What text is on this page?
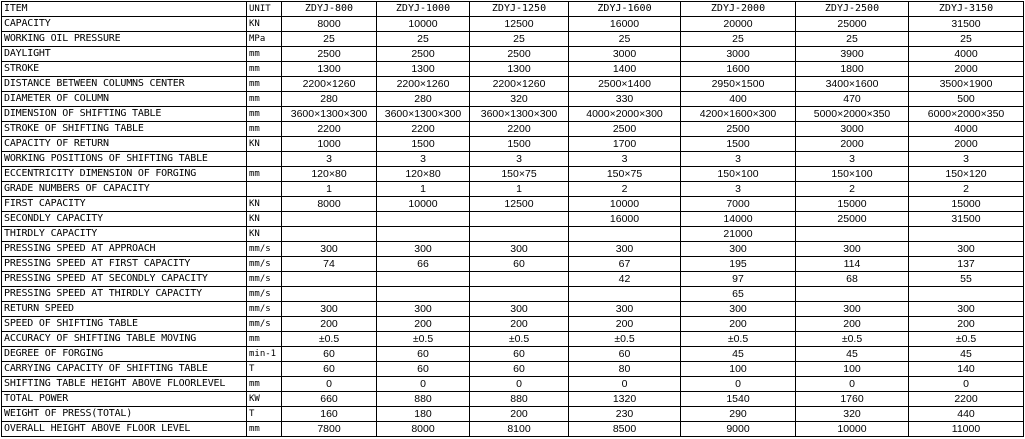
ITEM	UNIT	ZDYJ-800	ZDYJ-1000	ZDYJ-1250	ZDYJ-1600	ZDYJ-2000	ZDYJ-2500	ZDYJ-3150
CAPACITY	KN	8000	10000	12500	16000	20000	25000	31500
WORKING OIL PRESSURE	MPa	25	25	25	25	25	25	25
DAYLIGHT	mm	2500	2500	2500	3000	3000	3900	4000
STROKE	mm	1300	1300	1300	1400	1600	1800	2000
DISTANCE BETWEEN COLUMNS CENTER	mm	2200×1260	2200×1260	2200×1260	2500×1400	2950×1500	3400×1600	3500×1900
DIAMETER OF COLUMN	mm	280	280	320	330	400	470	500
DIMENSION OF SHIFTING TABLE	mm	3600×1300×300	3600×1300×300	3600×1300×300	4000×2000×300	4200×1600×300	5000×2000×350	6000×2000×350
STROKE OF SHIFTING TABLE	mm	2200	2200	2200	2500	2500	3000	4000
CAPACITY OF RETURN	KN	1000	1500	1500	1700	1500	2000	2000
WORKING POSITIONS OF SHIFTING TABLE		3	3	3	3	3	3	3
ECCENTRICITY DIMENSION OF FORGING	mm	120×80	120×80	150×75	150×75	150×100	150×100	150×120
GRADE NUMBERS OF CAPACITY		1	1	1	2	3	2	2
FIRST CAPACITY	KN	8000	10000	12500	10000	7000	15000	15000
SECONDLY CAPACITY	KN				16000	14000	25000	31500
THIRDLY CAPACITY	KN					21000		
PRESSING SPEED AT APPROACH	mm/s	300	300	300	300	300	300	300
PRESSING SPEED AT FIRST CAPACITY	mm/s	74	66	60	67	195	114	137
PRESSING SPEED AT SECONDLY CAPACITY	mm/s				42	97	68	55
PRESSING SPEED AT THIRDLY CAPACITY	mm/s					65		
RETURN SPEED	mm/s	300	300	300	300	300	300	300
SPEED OF SHIFTING TABLE	mm/s	200	200	200	200	200	200	200
ACCURACY OF SHIFTING TABLE MOVING	mm	±0.5	±0.5	±0.5	±0.5	±0.5	±0.5	±0.5
DEGREE OF FORGING	min-1	60	60	60	60	45	45	45
CARRYING CAPACITY OF SHIFTING TABLE	T	60	60	60	80	100	100	140
SHIFTING TABLE HEIGHT ABOVE FLOORLEVEL	mm	0	0	0	0	0	0	0
TOTAL POWER	KW	660	880	880	1320	1540	1760	2200
WEIGHT OF PRESS(TOTAL)	T	160	180	200	230	290	320	440
OVERALL HEIGHT ABOVE FLOOR LEVEL	mm	7800	8000	8100	8500	9000	10000	11000
